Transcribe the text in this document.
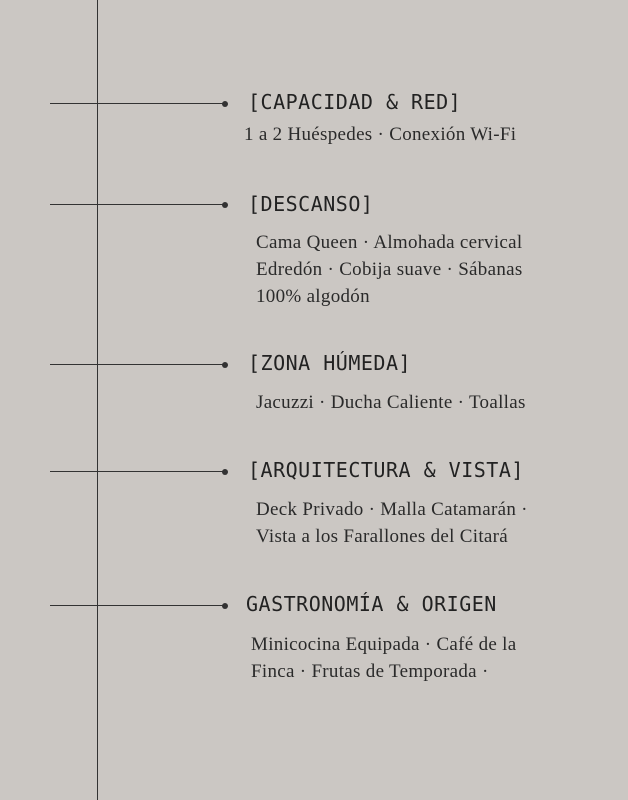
[CAPACIDAD & RED]
1 a 2 Huéspedes · Conexión Wi-Fi
[DESCANSO]
Cama Queen · Almohada cervical
Edredón · Cobija suave · Sábanas
100% algodón
[ZONA HÚMEDA]
Jacuzzi · Ducha Caliente · Toallas
[ARQUITECTURA & VISTA]
Deck Privado · Malla Catamarán ·
Vista a los Farallones del Citará
GASTRONOMÍA & ORIGEN
Minicocina Equipada · Café de la
Finca · Frutas de Temporada ·
